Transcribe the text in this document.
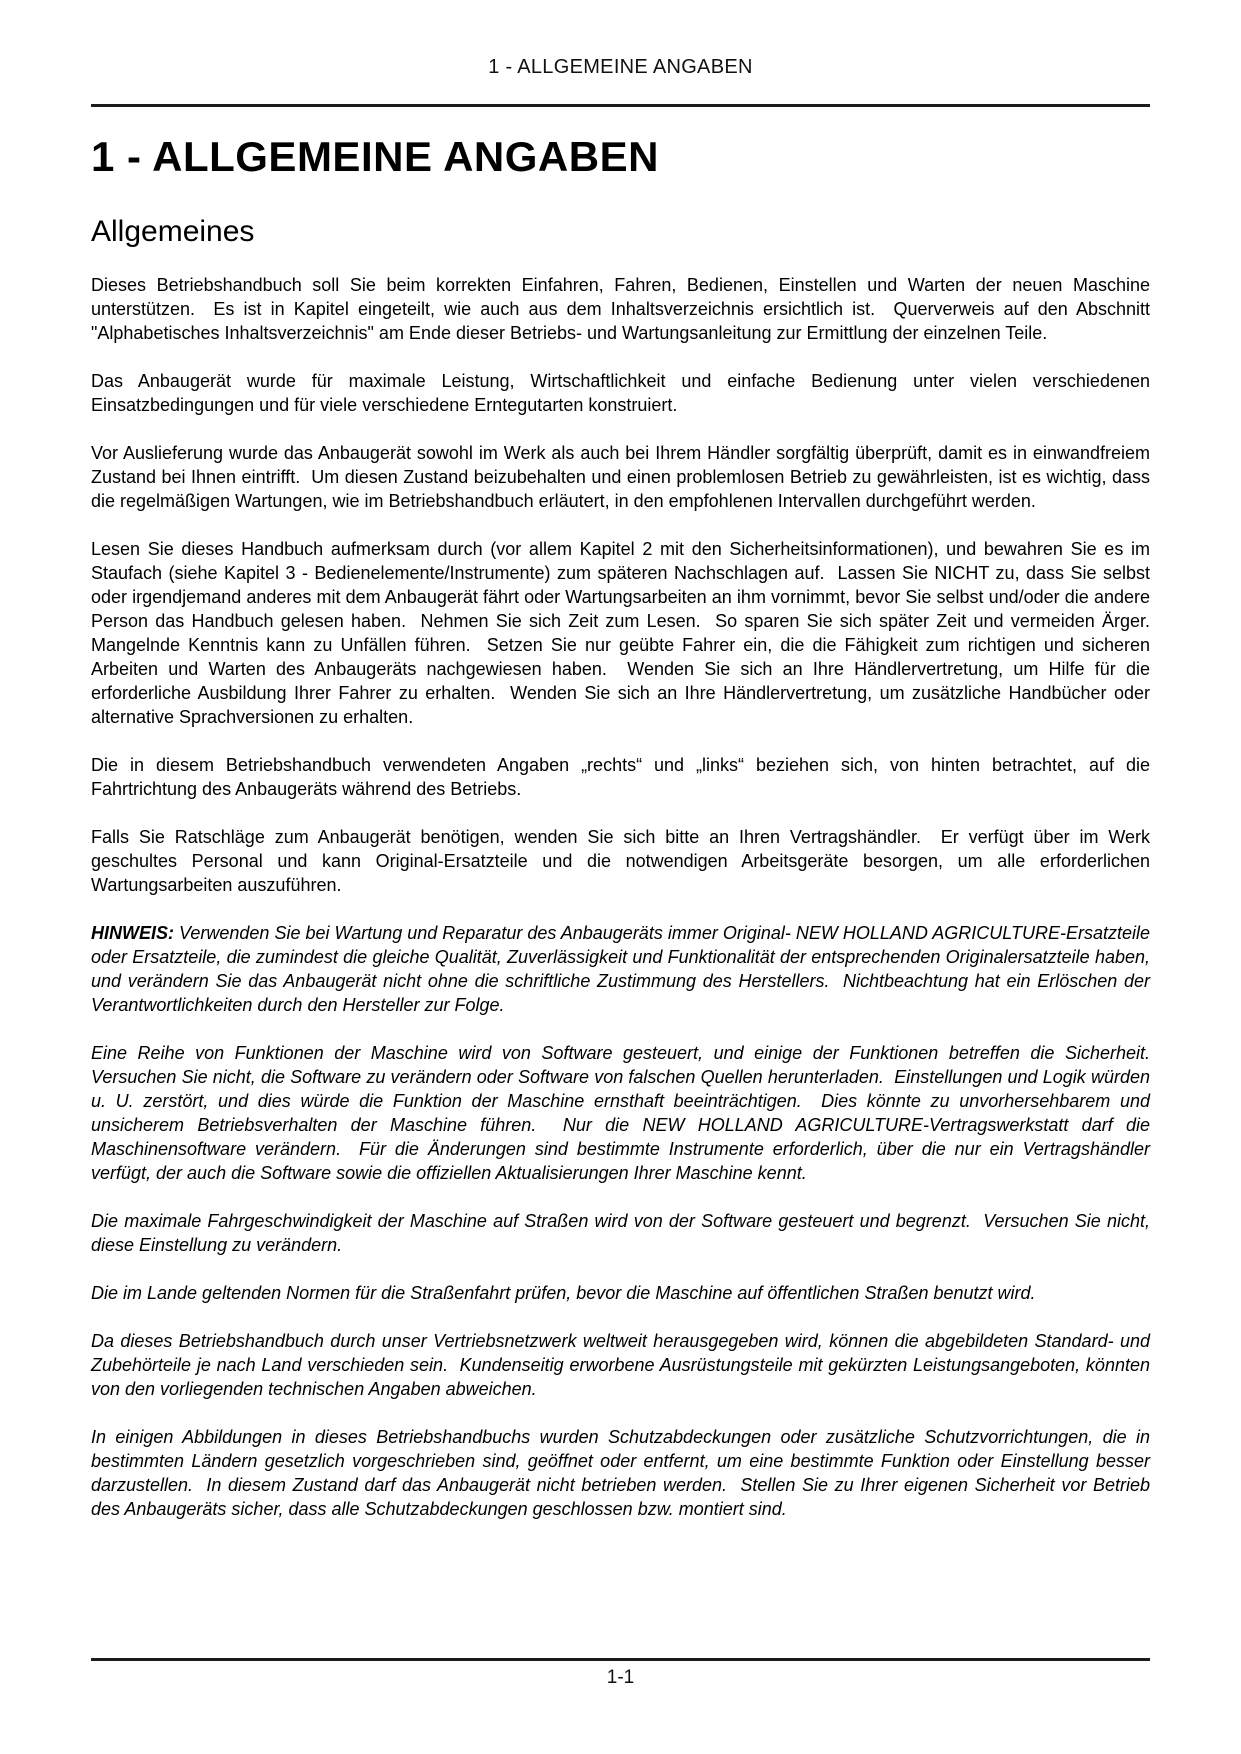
1 - ALLGEMEINE ANGABEN
1 - ALLGEMEINE ANGABEN
Allgemeines

Dieses Betriebshandbuch soll Sie beim korrekten Einfahren, Fahren, Bedienen, Einstellen und Warten der neuen Maschine unterstützen.  Es ist in Kapitel eingeteilt, wie auch aus dem Inhaltsverzeichnis ersichtlich ist.  Querverweis auf den Abschnitt "Alphabetisches Inhaltsverzeichnis" am Ende dieser Betriebs- und Wartungsanleitung zur Ermittlung der einzelnen Teile.

Das Anbaugerät wurde für maximale Leistung, Wirtschaftlichkeit und einfache Bedienung unter vielen verschiedenen Einsatzbedingungen und für viele verschiedene Erntegutarten konstruiert.

Vor Auslieferung wurde das Anbaugerät sowohl im Werk als auch bei Ihrem Händler sorgfältig überprüft, damit es in einwandfreiem Zustand bei Ihnen eintrifft.  Um diesen Zustand beizubehalten und einen problemlosen Betrieb zu gewährleisten, ist es wichtig, dass die regelmäßigen Wartungen, wie im Betriebshandbuch erläutert, in den empfohlenen Intervallen durchgeführt werden.

Lesen Sie dieses Handbuch aufmerksam durch (vor allem Kapitel 2 mit den Sicherheitsinformationen), und bewahren Sie es im Staufach (siehe Kapitel 3 - Bedienelemente/Instrumente) zum späteren Nachschlagen auf.  Lassen Sie NICHT zu, dass Sie selbst oder irgendjemand anderes mit dem Anbaugerät fährt oder Wartungsarbeiten an ihm vornimmt, bevor Sie selbst und/oder die andere Person das Handbuch gelesen haben.  Nehmen Sie sich Zeit zum Lesen.  So sparen Sie sich später Zeit und vermeiden Ärger.  Mangelnde Kenntnis kann zu Unfällen führen.  Setzen Sie nur geübte Fahrer ein, die die Fähigkeit zum richtigen und sicheren Arbeiten und Warten des Anbaugeräts nachgewiesen haben.  Wenden Sie sich an Ihre Händlervertretung, um Hilfe für die erforderliche Ausbildung Ihrer Fahrer zu erhalten.  Wenden Sie sich an Ihre Händlervertretung, um zusätzliche Handbücher oder alternative Sprachversionen zu erhalten.

Die in diesem Betriebshandbuch verwendeten Angaben „rechts“ und „links“ beziehen sich, von hinten betrachtet, auf die Fahrtrichtung des Anbaugeräts während des Betriebs.

Falls Sie Ratschläge zum Anbaugerät benötigen, wenden Sie sich bitte an Ihren Vertragshändler.  Er verfügt über im Werk geschultes Personal und kann Original-Ersatzteile und die notwendigen Arbeitsgeräte besorgen, um alle erforderlichen Wartungsarbeiten auszuführen.

HINWEIS: Verwenden Sie bei Wartung und Reparatur des Anbaugeräts immer Original- NEW HOLLAND AGRICULTURE-Ersatzteile oder Ersatzteile, die zumindest die gleiche Qualität, Zuverlässigkeit und Funktionalität der entsprechenden Originalersatzteile haben, und verändern Sie das Anbaugerät nicht ohne die schriftliche Zustimmung des Herstellers.  Nichtbeachtung hat ein Erlöschen der Verantwortlichkeiten durch den Hersteller zur Folge.

Eine Reihe von Funktionen der Maschine wird von Software gesteuert, und einige der Funktionen betreffen die Sicherheit.  Versuchen Sie nicht, die Software zu verändern oder Software von falschen Quellen herunterladen.  Einstellungen und Logik würden u. U. zerstört, und dies würde die Funktion der Maschine ernsthaft beeinträchtigen.  Dies könnte zu unvorhersehbarem und unsicherem Betriebsverhalten der Maschine führen.  Nur die NEW HOLLAND AGRICULTURE-Vertragswerkstatt darf die Maschinensoftware verändern.  Für die Änderungen sind bestimmte Instrumente erforderlich, über die nur ein Vertragshändler verfügt, der auch die Software sowie die offiziellen Aktualisierungen Ihrer Maschine kennt.

Die maximale Fahrgeschwindigkeit der Maschine auf Straßen wird von der Software gesteuert und begrenzt.  Versuchen Sie nicht, diese Einstellung zu verändern.

Die im Lande geltenden Normen für die Straßenfahrt prüfen, bevor die Maschine auf öffentlichen Straßen benutzt wird.

Da dieses Betriebshandbuch durch unser Vertriebsnetzwerk weltweit herausgegeben wird, können die abgebildeten Standard- und Zubehörteile je nach Land verschieden sein.  Kundenseitig erworbene Ausrüstungsteile mit gekürzten Leistungsangeboten, könnten von den vorliegenden technischen Angaben abweichen.

In einigen Abbildungen in dieses Betriebshandbuchs wurden Schutzabdeckungen oder zusätzliche Schutzvorrichtungen, die in bestimmten Ländern gesetzlich vorgeschrieben sind, geöffnet oder entfernt, um eine bestimmte Funktion oder Einstellung besser darzustellen.  In diesem Zustand darf das Anbaugerät nicht betrieben werden.  Stellen Sie zu Ihrer eigenen Sicherheit vor Betrieb des Anbaugeräts sicher, dass alle Schutzabdeckungen geschlossen bzw. montiert sind.

1-1
